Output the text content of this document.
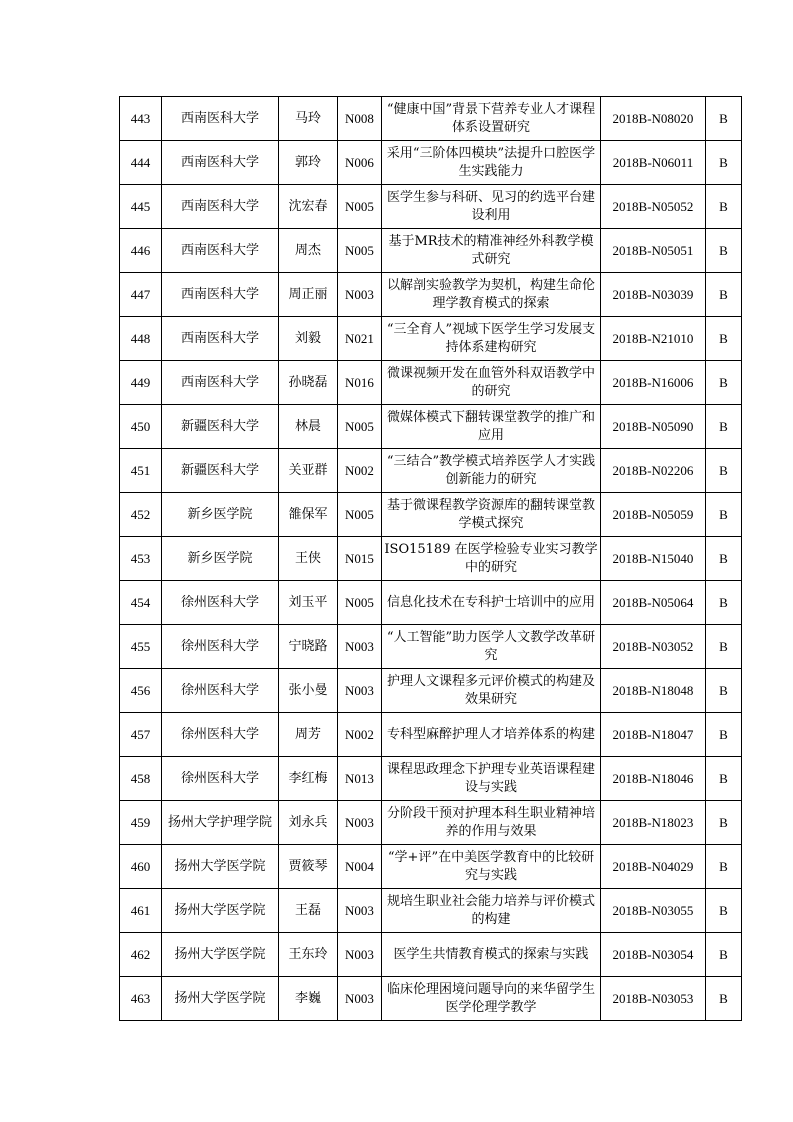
443	西南医科大学	马玲	N008	“健康中国”背景下营养专业人才课程体系设置研究	2018B-N08020	B
444	西南医科大学	郭玲	N006	采用“三阶体四模块”法提升口腔医学生实践能力	2018B-N06011	B
445	西南医科大学	沈宏春	N005	医学生参与科研、见习的约选平台建设利用	2018B-N05052	B
446	西南医科大学	周杰	N005	基于MR技术的精准神经外科教学模式研究	2018B-N05051	B
447	西南医科大学	周正丽	N003	以解剖实验教学为契机，构建生命伦理学教育模式的探索	2018B-N03039	B
448	西南医科大学	刘毅	N021	“三全育人”视域下医学生学习发展支持体系建构研究	2018B-N21010	B
449	西南医科大学	孙晓磊	N016	微课视频开发在血管外科双语教学中的研究	2018B-N16006	B
450	新疆医科大学	林晨	N005	微媒体模式下翻转课堂教学的推广和应用	2018B-N05090	B
451	新疆医科大学	关亚群	N002	“三结合”教学模式培养医学人才实践创新能力的研究	2018B-N02206	B
452	新乡医学院	雒保军	N005	基于微课程教学资源库的翻转课堂教学模式探究	2018B-N05059	B
453	新乡医学院	王侠	N015	ISO15189 在医学检验专业实习教学中的研究	2018B-N15040	B
454	徐州医科大学	刘玉平	N005	信息化技术在专科护士培训中的应用	2018B-N05064	B
455	徐州医科大学	宁晓路	N003	“人工智能”助力医学人文教学改革研究	2018B-N03052	B
456	徐州医科大学	张小曼	N003	护理人文课程多元评价模式的构建及效果研究	2018B-N18048	B
457	徐州医科大学	周芳	N002	专科型麻醉护理人才培养体系的构建	2018B-N18047	B
458	徐州医科大学	李红梅	N013	课程思政理念下护理专业英语课程建设与实践	2018B-N18046	B
459	扬州大学护理学院	刘永兵	N003	分阶段干预对护理本科生职业精神培养的作用与效果	2018B-N18023	B
460	扬州大学医学院	贾筱琴	N004	“学+评”在中美医学教育中的比较研究与实践	2018B-N04029	B
461	扬州大学医学院	王磊	N003	规培生职业社会能力培养与评价模式的构建	2018B-N03055	B
462	扬州大学医学院	王东玲	N003	医学生共情教育模式的探索与实践	2018B-N03054	B
463	扬州大学医学院	李巍	N003	临床伦理困境问题导向的来华留学生医学伦理学教学	2018B-N03053	B
